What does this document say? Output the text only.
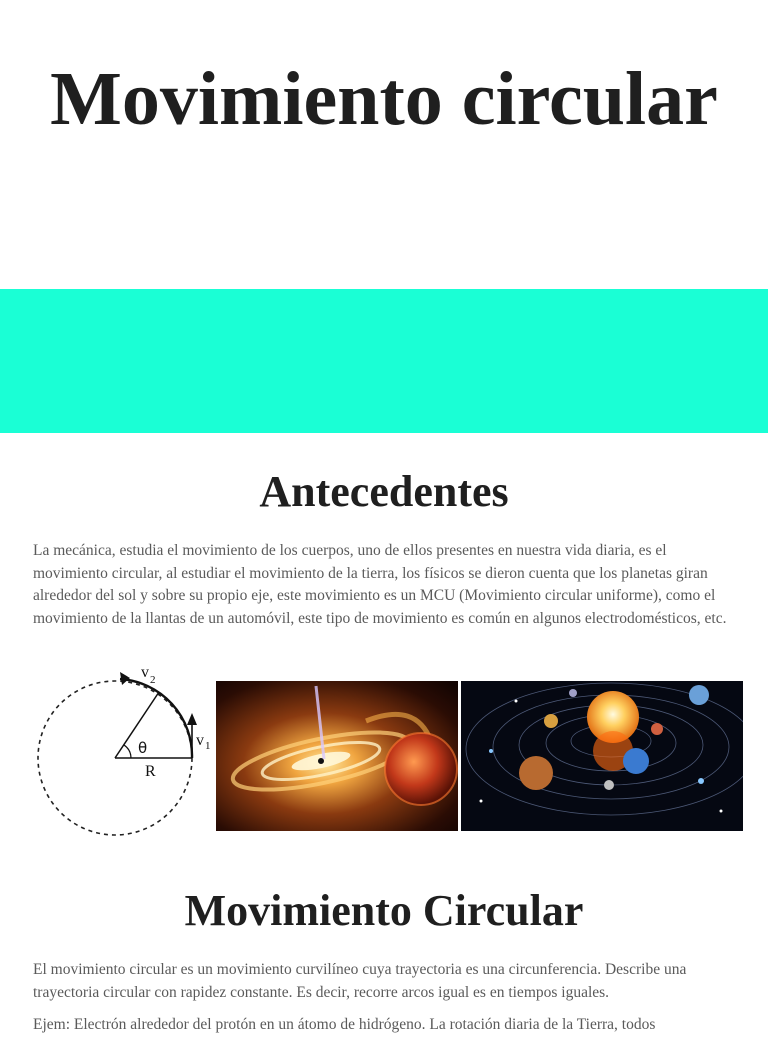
Movimiento circular
Antecedentes

La mecánica, estudia el movimiento de los cuerpos, uno de ellos presentes en nuestra vida diaria, es el movimiento circular, al estudiar el movimiento de la tierra, los físicos se dieron cuenta que los planetas giran alrededor del sol y sobre su propio eje, este movimiento es un MCU (Movimiento circular uniforme), como el movimiento de la llantas de un automóvil, este tipo de movimiento es común en algunos electrodomésticos, etc.

θ
R
v 2
v 1
Movimiento Circular

El movimiento circular es un movimiento curvilíneo cuya trayectoria es una circunferencia. Describe una trayectoria circular con rapidez constante. Es decir, recorre arcos igual es en tiempos iguales.

Ejem: Electrón alrededor del protón en un átomo de hidrógeno. La rotación diaria de la Tierra, todos
